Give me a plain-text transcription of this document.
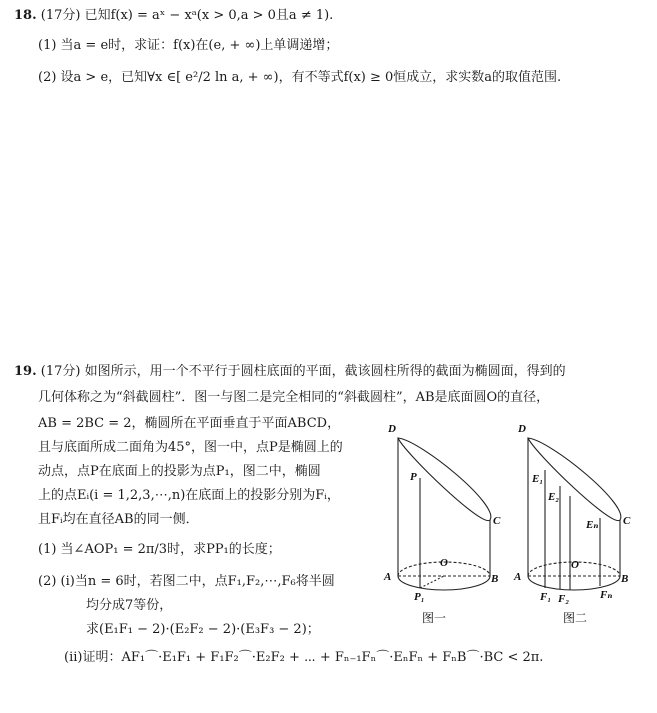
18. (17分) 已知f(x) = aˣ − xᵃ(x > 0,a > 0且a ≠ 1).
(1) 当a = e时，求证：f(x)在(e, + ∞)上单调递增；
(2) 设a > e，已知∀x ∈[ e²/2 ln a, + ∞)，有不等式f(x) ≥ 0恒成立，求实数a的取值范围.
19. (17分) 如图所示，用一个不平行于圆柱底面的平面，截该圆柱所得的截面为椭圆面，得到的
几何体称之为“斜截圆柱”．图一与图二是完全相同的“斜截圆柱”，AB是底面圆O的直径，
AB = 2BC = 2，椭圆所在平面垂直于平面ABCD，
且与底面所成二面角为45°，图一中，点P是椭圆上的
动点，点P在底面上的投影为点P₁，图二中，椭圆
上的点Eᵢ(i = 1,2,3,⋯,n)在底面上的投影分别为Fᵢ，
且Fᵢ均在直径AB的同一侧．
(1) 当∠AOP₁ = 2π/3时，求PP₁的长度；
(2) (i)当n = 6时，若图二中，点F₁,F₂,⋯,F₆将半圆
均分成7等份，
求(E₁F₁ − 2)·(E₂F₂ − 2)·(E₃F₃ − 2)；
(ii)证明：AF₁⌒·E₁F₁ + F₁F₂⌒·E₂F₂ + ⋯ + Fₙ₋₁Fₙ⌒·EₙFₙ + FₙB⌒·BC < 2π.
D
P
O
C
A	B
P₁
图一
D
E₁
E₂
Eₙ
O
C
A	B
F₁ F₂	Fₙ
图二
